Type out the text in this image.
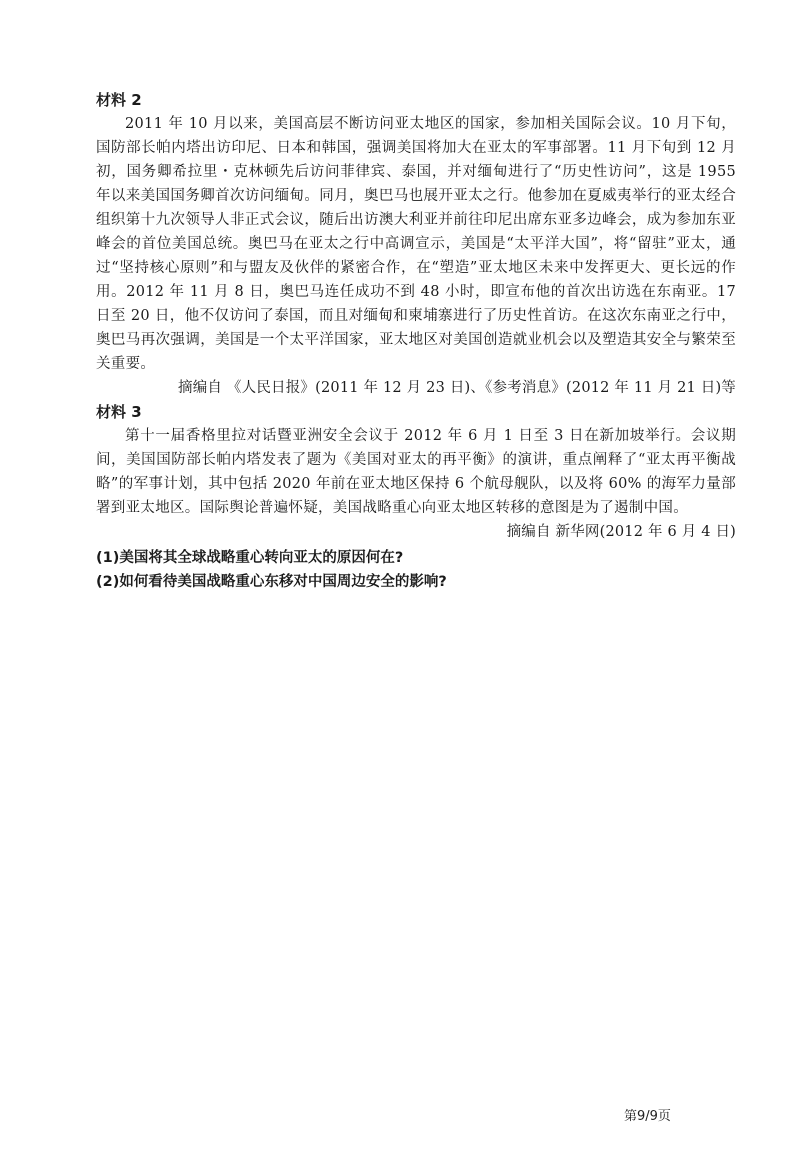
材料 2

2011 年 10 月以来，美国高层不断访问亚太地区的国家，参加相关国际会议。10 月下旬，国防部长帕内塔出访印尼、日本和韩国，强调美国将加大在亚太的军事部署。11 月下旬到 12 月初，国务卿希拉里・克林顿先后访问菲律宾、泰国，并对缅甸进行了“历史性访问”，这是 1955 年以来美国国务卿首次访问缅甸。同月，奥巴马也展开亚太之行。他参加在夏威夷举行的亚太经合组织第十九次领导人非正式会议，随后出访澳大利亚并前往印尼出席东亚多边峰会，成为参加东亚峰会的首位美国总统。奥巴马在亚太之行中高调宣示，美国是“太平洋大国”，将“留驻”亚太，通过“坚持核心原则”和与盟友及伙伴的紧密合作，在“塑造”亚太地区未来中发挥更大、更长远的作用。2012 年 11 月 8 日，奥巴马连任成功不到 48 小时，即宣布他的首次出访选在东南亚。17 日至 20 日，他不仅访问了泰国，而且对缅甸和柬埔寨进行了历史性首访。在这次东南亚之行中，奥巴马再次强调，美国是一个太平洋国家，亚太地区对美国创造就业机会以及塑造其安全与繁荣至关重要。

摘编自 《人民日报》(2011 年 12 月 23 日)、《参考消息》(2012 年 11 月 21 日)等

材料 3

第十一届香格里拉对话暨亚洲安全会议于 2012 年 6 月 1 日至 3 日在新加坡举行。会议期间，美国国防部长帕内塔发表了题为《美国对亚太的再平衡》的演讲，重点阐释了“亚太再平衡战略”的军事计划，其中包括 2020 年前在亚太地区保持 6 个航母舰队，以及将 60% 的海军力量部署到亚太地区。国际舆论普遍怀疑，美国战略重心向亚太地区转移的意图是为了遏制中国。

摘编自 新华网(2012 年 6 月 4 日)

(1)美国将其全球战略重心转向亚太的原因何在?

(2)如何看待美国战略重心东移对中国周边安全的影响?

第9/9页
